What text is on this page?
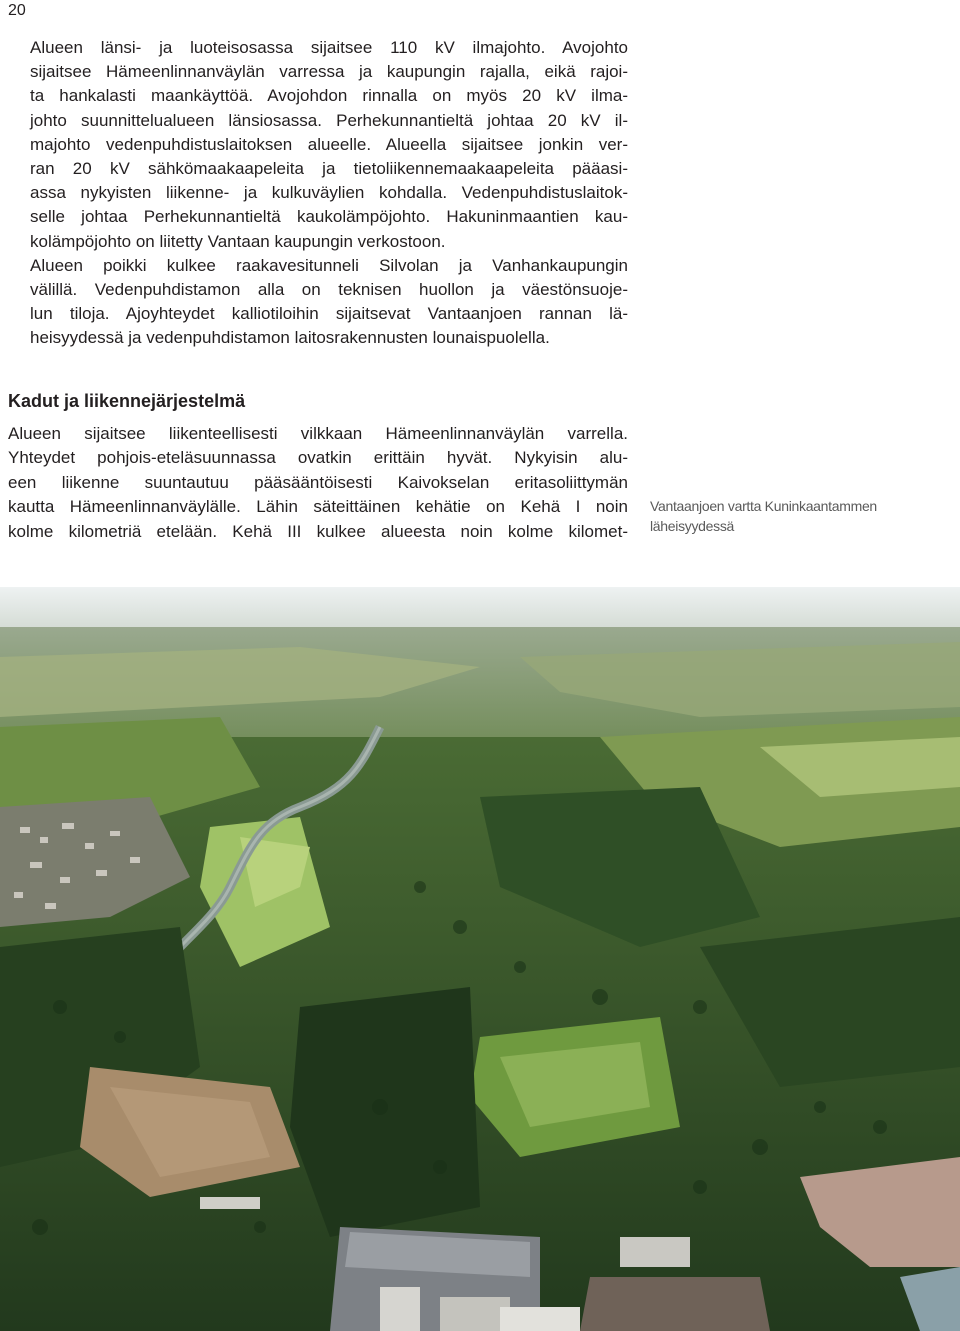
20
Alueen länsi- ja luoteisosassa sijaitsee 110 kV ilmajohto. Avojohto
sijaitsee Hämeenlinnanväylän varressa ja kaupungin rajalla, eikä rajoi-
ta hankalasti maankäyttöä. Avojohdon rinnalla on myös 20 kV ilma-
johto suunnittelualueen länsiosassa. Perhekunnantieltä johtaa 20 kV il-
majohto vedenpuhdistuslaitoksen alueelle. Alueella sijaitsee jonkin ver-
ran 20 kV sähkömaakaapeleita ja tietoliikennemaakaapeleita pääasi-
assa nykyisten liikenne- ja kulkuväylien kohdalla. Vedenpuhdistuslaitok-
selle johtaa Perhekunnantieltä kaukolämpöjohto. Hakuninmaantien kau-
kolämpöjohto on liitetty Vantaan kaupungin verkostoon.
Alueen poikki kulkee raakavesitunneli Silvolan ja Vanhankaupungin
välillä. Vedenpuhdistamon alla on teknisen huollon ja väestönsuoje-
lun tiloja. Ajoyhteydet kalliotiloihin sijaitsevat Vantaanjoen rannan lä-
heisyydessä ja vedenpuhdistamon laitosrakennusten lounaispuolella.
Kadut ja liikennejärjestelmä
Alueen sijaitsee liikenteellisesti vilkkaan Hämeenlinnanväylän varrella.
Yhteydet pohjois-eteläsuunnassa ovatkin erittäin hyvät. Nykyisin alu-
een liikenne suuntautuu pääsääntöisesti Kaivokselan eritasoliittymän
kautta Hämeenlinnanväylälle. Lähin säteittäinen kehätie on Kehä I noin
kolme kilometriä etelään. Kehä III kulkee alueesta noin kolme kilomet-
Vantaanjoen vartta Kuninkaantammen
läheisyydessä
